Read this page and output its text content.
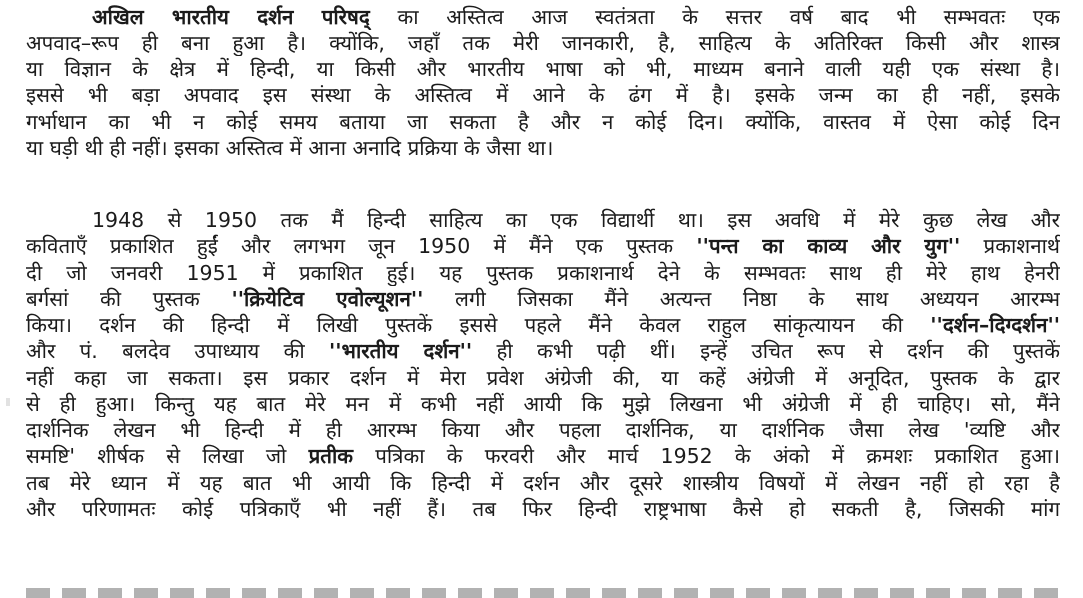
अखिल भारतीय दर्शन परिषद् का अस्तित्व आज स्वतंत्रता के सत्तर वर्ष बाद भी सम्भवतः एक
अपवाद–रूप ही बना हुआ है। क्योंकि, जहाँ तक मेरी जानकारी, है, साहित्य के अतिरिक्त किसी और शास्त्र
या विज्ञान के क्षेत्र में हिन्दी, या किसी और भारतीय भाषा को भी, माध्यम बनाने वाली यही एक संस्था है।
इससे भी बड़ा अपवाद इस संस्था के अस्तित्व में आने के ढंग में है। इसके जन्म का ही नहीं, इसके
गर्भाधान का भी न कोई समय बताया जा सकता है और न कोई दिन। क्योंकि, वास्तव में ऐसा कोई दिन
या घड़ी थी ही नहीं। इसका अस्तित्व में आना अनादि प्रक्रिया के जैसा था।
1948 से 1950 तक मैं हिन्दी साहित्य का एक विद्यार्थी था। इस अवधि में मेरे कुछ लेख और
कविताएँ प्रकाशित हुईं और लगभग जून 1950 में मैंने एक पुस्तक ''पन्त का काव्य और युग'' प्रकाशनार्थ
दी जो जनवरी 1951 में प्रकाशित हुई। यह पुस्तक प्रकाशनार्थ देने के सम्भवतः साथ ही मेरे हाथ हेनरी
बर्गसां की पुस्तक ''क्रियेटिव एवोल्यूशन'' लगी जिसका मैंने अत्यन्त निष्ठा के साथ अध्ययन आरम्भ
किया। दर्शन की हिन्दी में लिखी पुस्तकें इससे पहले मैंने केवल राहुल सांकृत्यायन की ''दर्शन–दिग्दर्शन''
और पं. बलदेव उपाध्याय की ''भारतीय दर्शन'' ही कभी पढ़ी थीं। इन्हें उचित रूप से दर्शन की पुस्तकें
नहीं कहा जा सकता। इस प्रकार दर्शन में मेरा प्रवेश अंग्रेजी की, या कहें अंग्रेजी में अनूदित, पुस्तक के द्वार
से ही हुआ। किन्तु यह बात मेरे मन में कभी नहीं आयी कि मुझे लिखना भी अंग्रेजी में ही चाहिए। सो, मैंने
दार्शनिक लेखन भी हिन्दी में ही आरम्भ किया और पहला दार्शनिक, या दार्शनिक जैसा लेख 'व्यष्टि और
समष्टि' शीर्षक से लिखा जो प्रतीक पत्रिका के फरवरी और मार्च 1952 के अंको में क्रमशः प्रकाशित हुआ।
तब मेरे ध्यान में यह बात भी आयी कि हिन्दी में दर्शन और दूसरे शास्त्रीय विषयों में लेखन नहीं हो रहा है
और परिणामतः कोई पत्रिकाएँ भी नहीं हैं। तब फिर हिन्दी राष्ट्रभाषा कैसे हो सकती है, जिसकी मांग
